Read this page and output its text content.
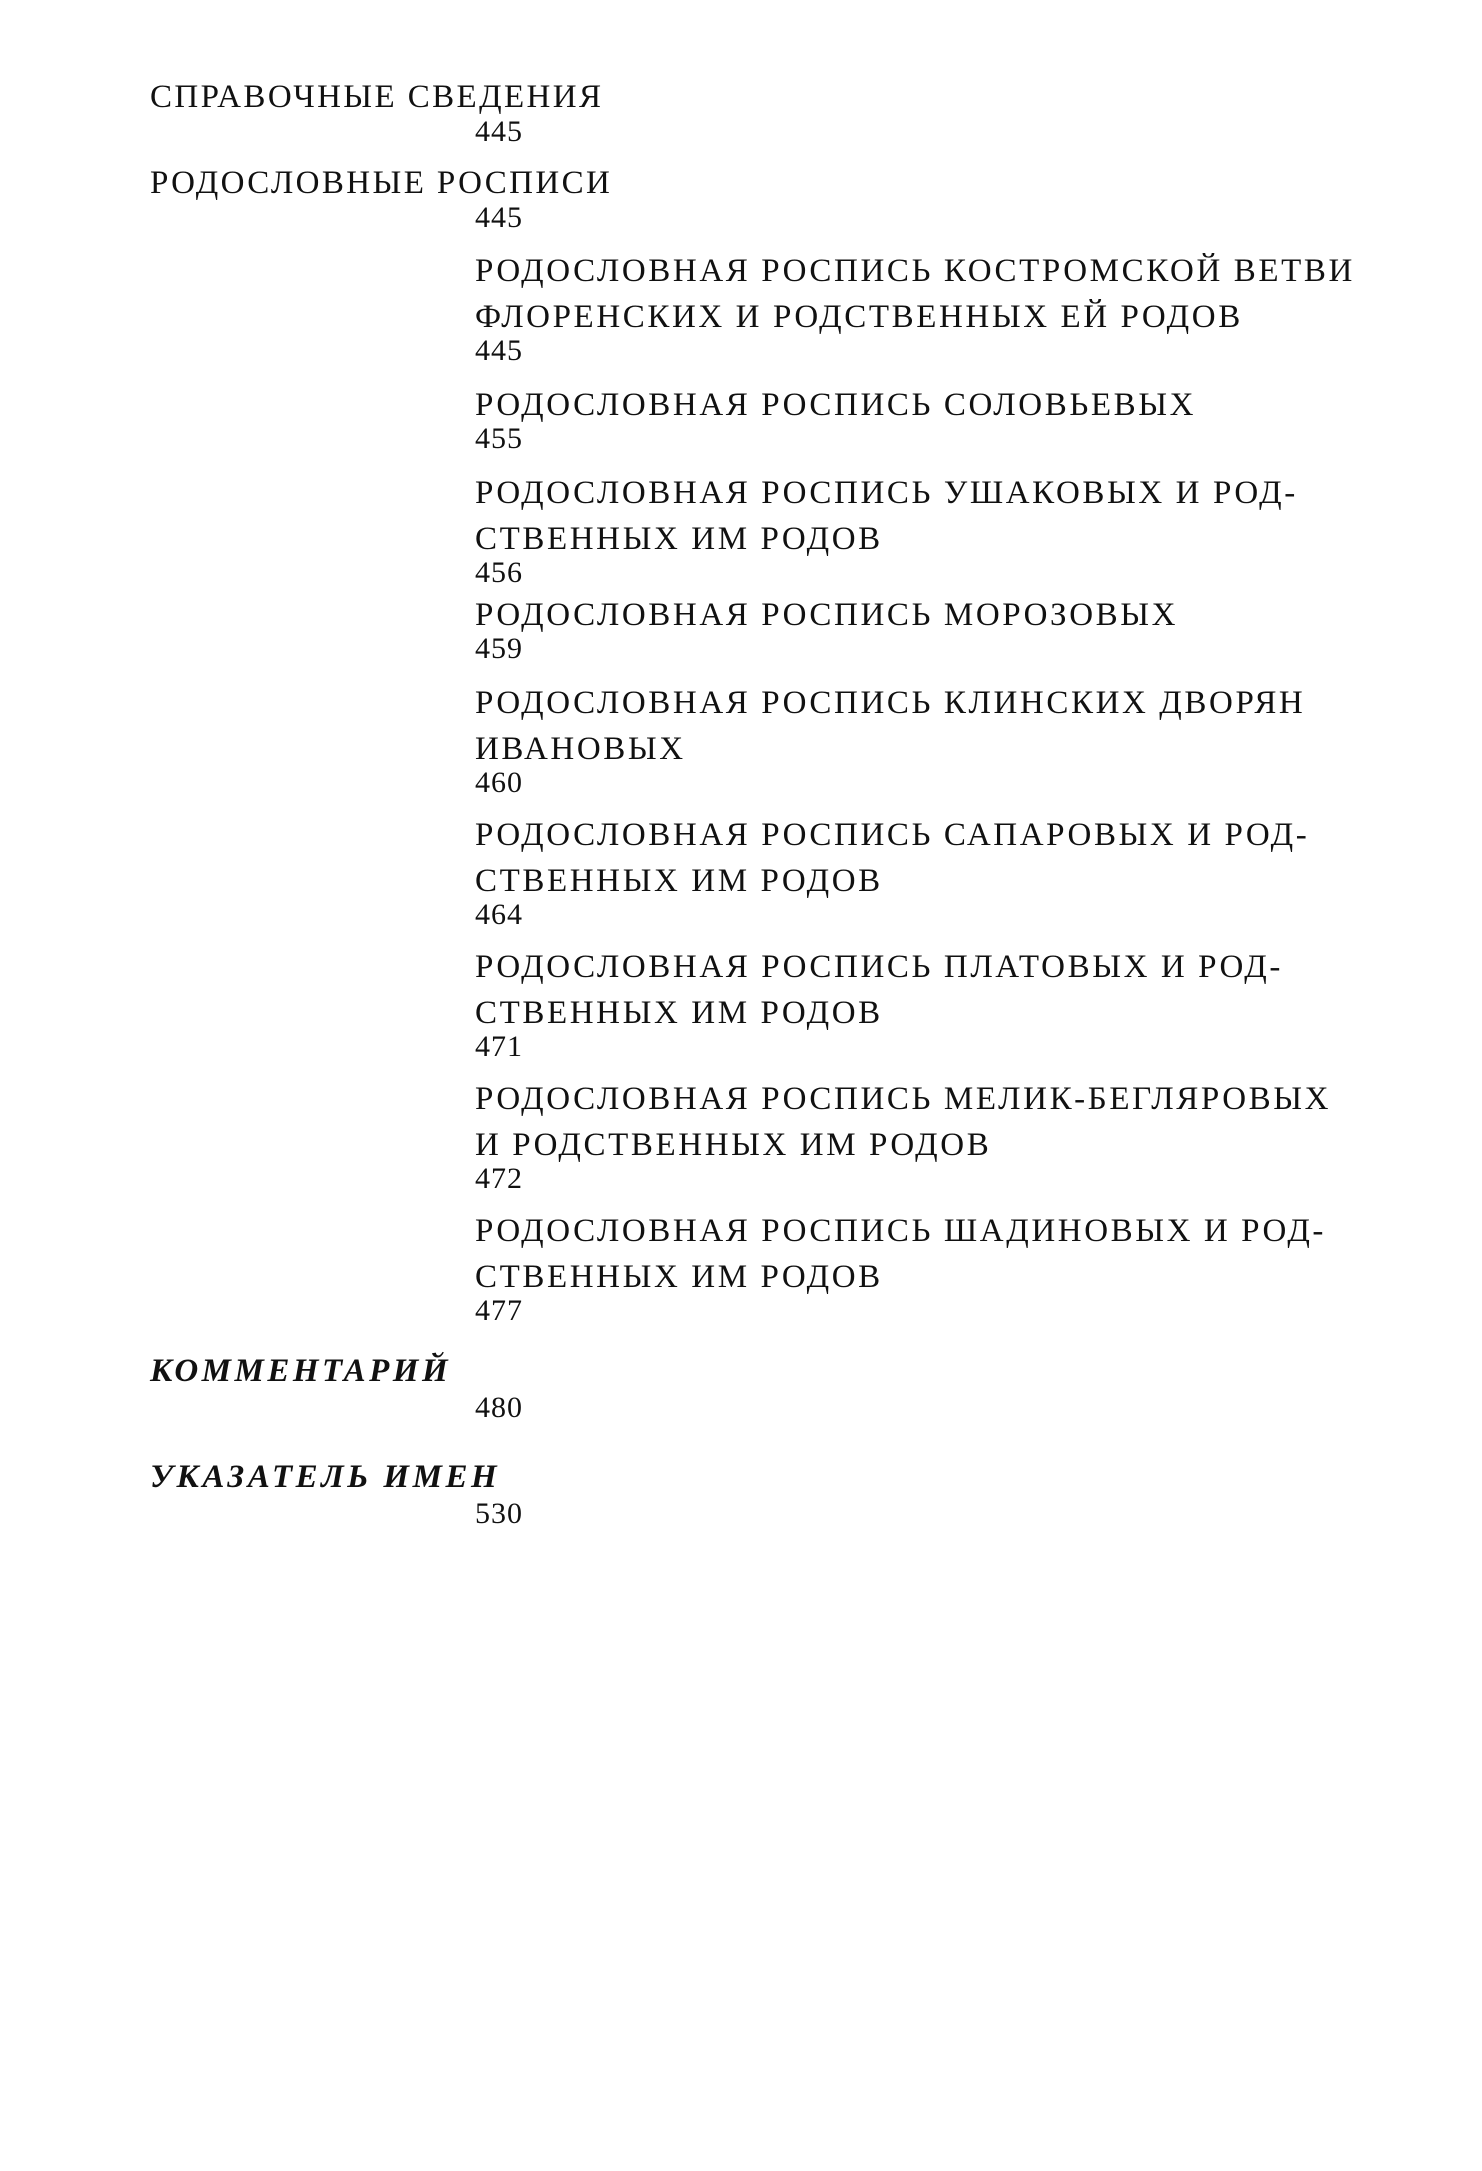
СПРАВОЧНЫЕ СВЕДЕНИЯ
445
РОДОСЛОВНЫЕ РОСПИСИ
445
РОДОСЛОВНАЯ РОСПИСЬ КОСТРОМСКОЙ ВЕТВИ
ФЛОРЕНСКИХ И РОДСТВЕННЫХ ЕЙ РОДОВ
445
РОДОСЛОВНАЯ РОСПИСЬ СОЛОВЬЕВЫХ
455
РОДОСЛОВНАЯ РОСПИСЬ УШАКОВЫХ И РОД-
СТВЕННЫХ ИМ РОДОВ
456
РОДОСЛОВНАЯ РОСПИСЬ МОРОЗОВЫХ
459
РОДОСЛОВНАЯ РОСПИСЬ КЛИНСКИХ ДВОРЯН
ИВАНОВЫХ
460
РОДОСЛОВНАЯ РОСПИСЬ САПАРОВЫХ И РОД-
СТВЕННЫХ ИМ РОДОВ
464
РОДОСЛОВНАЯ РОСПИСЬ ПЛАТОВЫХ И РОД-
СТВЕННЫХ ИМ РОДОВ
471
РОДОСЛОВНАЯ РОСПИСЬ МЕЛИК-БЕГЛЯРОВЫХ
И РОДСТВЕННЫХ ИМ РОДОВ
472
РОДОСЛОВНАЯ РОСПИСЬ ШАДИНОВЫХ И РОД-
СТВЕННЫХ ИМ РОДОВ
477
КОММЕНТАРИЙ
480
УКАЗАТЕЛЬ ИМЕН
530
